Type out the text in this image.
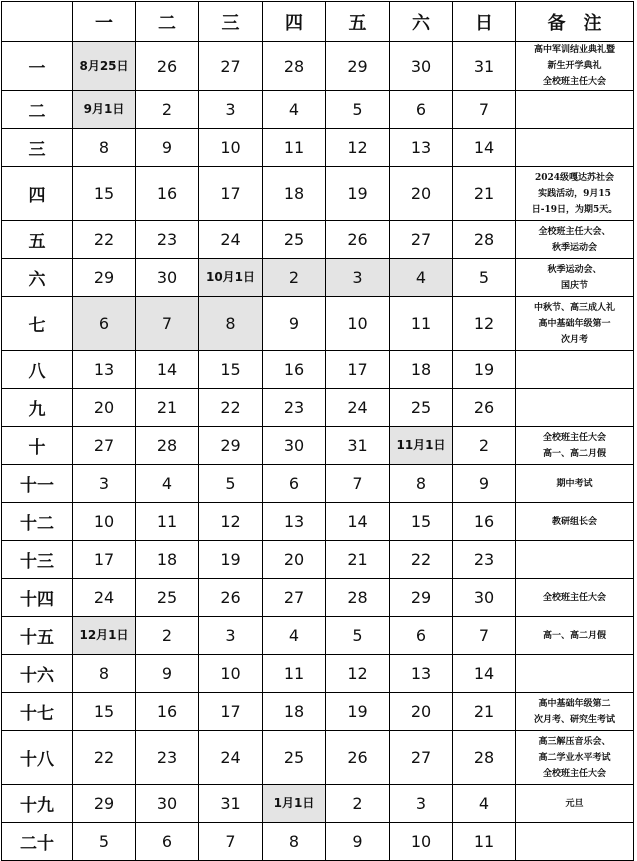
	一	二	三	四	五	六	日	备　注
一	8月25日	26	27	28	29	30	31	高中军训结业典礼暨
新生开学典礼
全校班主任大会

二	9月1日	2	3	4	5	6	7	
三	8	9	10	11	12	13	14	
四	15	16	17	18	19	20	21	2024级嘎达苏社会
实践活动，9月15
日-19日，为期5天。

五	22	23	24	25	26	27	28	全校班主任大会、
秋季运动会

六	29	30	10月1日	2	3	4	5	秋季运动会、
国庆节

七	6	7	8	9	10	11	12	中秋节、高三成人礼
高中基础年级第一
次月考

八	13	14	15	16	17	18	19	
九	20	21	22	23	24	25	26	
十	27	28	29	30	31	11月1日	2	全校班主任大会
高一、高二月假

十一	3	4	5	6	7	8	9	期中考试

十二	10	11	12	13	14	15	16	教研组长会

十三	17	18	19	20	21	22	23	
十四	24	25	26	27	28	29	30	全校班主任大会

十五	12月1日	2	3	4	5	6	7	高一、高二月假

十六	8	9	10	11	12	13	14	
十七	15	16	17	18	19	20	21	高中基础年级第二
次月考、研究生考试

十八	22	23	24	25	26	27	28	高三解压音乐会、
高二学业水平考试
全校班主任大会

十九	29	30	31	1月1日	2	3	4	元旦

二十	5	6	7	8	9	10	11	
